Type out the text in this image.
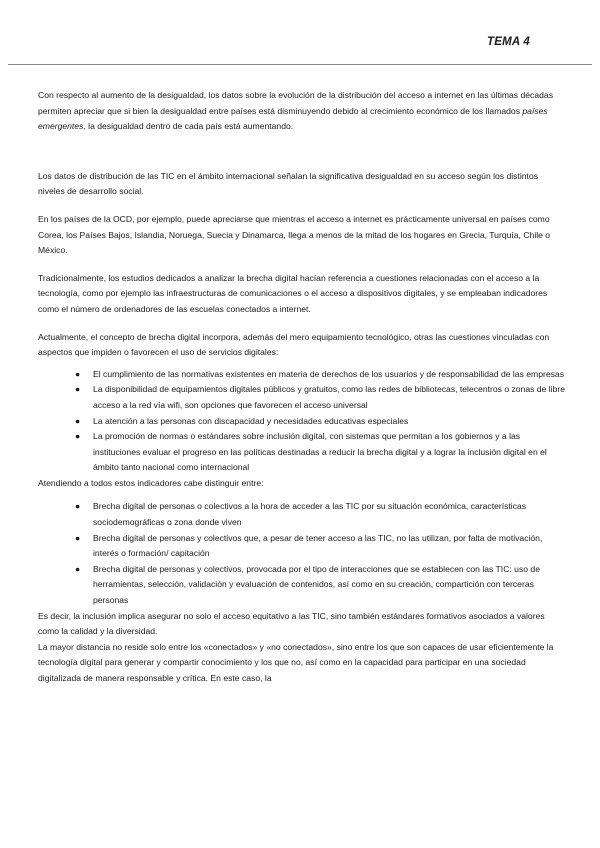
TEMA 4

Con respecto al aumento de la desigualdad, los datos sobre la evolución de la distribución del acceso a internet en las últimas décadas permiten apreciar que si bien la desigualdad entre países está disminuyendo debido al crecimiento económico de los llamados países emergentes, la desigualdad dentro de cada país está aumentando.

Los datos de distribución de las TIC en el ámbito internacional señalan la significativa desigualdad en su acceso según los distintos niveles de desarrollo social.

En los países de la OCD, por ejemplo, puede apreciarse que mientras el acceso a internet es prácticamente universal en países como Corea, los Países Bajos, Islandia, Noruega, Suecia y Dinamarca, llega a menos de la mitad de los hogares en Grecia, Turquía, Chile o México.

Tradicionalmente, los estudios dedicados a analizar la brecha digital hacían referencia a cuestiones relacionadas con el acceso a la tecnología, como por ejemplo las infraestructuras de comunicaciones o el acceso a dispositivos digitales, y se empleaban indicadores como el número de ordenadores de las escuelas conectados a internet.

Actualmente, el concepto de brecha digital incorpora, además del mero equipamiento tecnológico, otras las cuestiones vinculadas con aspectos que impiden o favorecen el uso de servicios digitales:

● El cumplimiento de las normativas existentes en materia de derechos de los usuarios y de responsabilidad de las empresas
● La disponibilidad de equipamientos digitales públicos y gratuitos, como las redes de bibliotecas, telecentros o zonas de libre acceso a la red vía wifi, son opciones que favorecen el acceso universal
● La atención a las personas con discapacidad y necesidades educativas especiales
● La promoción de normas o estándares sobre inclusión digital, con sistemas que permitan a los gobiernos y a las instituciones evaluar el progreso en las políticas destinadas a reducir la brecha digital y a lograr la inclusión digital en el ámbito tanto nacional como internacional

Atendiendo a todos estos indicadores cabe distinguir entre:

● Brecha digital de personas o colectivos a la hora de acceder a las TIC por su situación económica, características sociodemográficas o zona donde viven
● Brecha digital de personas y colectivos que, a pesar de tener acceso a las TIC, no las utilizan, por falta de motivación, interés o formación/ capitación
● Brecha digital de personas y colectivos, provocada por el tipo de interacciones que se establecen con las TIC: uso de herramientas, selección, validación y evaluación de contenidos, así como en su creación, compartición con terceras personas

Es decir, la inclusión implica asegurar no solo el acceso equitativo a las TIC, sino también estándares formativos asociados a valores como la calidad y la diversidad.

La mayor distancia no reside solo entre los «conectados» y «no conectados», sino entre los que son capaces de usar eficientemente la tecnología digital para generar y compartir conocimiento y los que no, así como en la capacidad para participar en una sociedad digitalizada de manera responsable y crítica. En este caso, la
